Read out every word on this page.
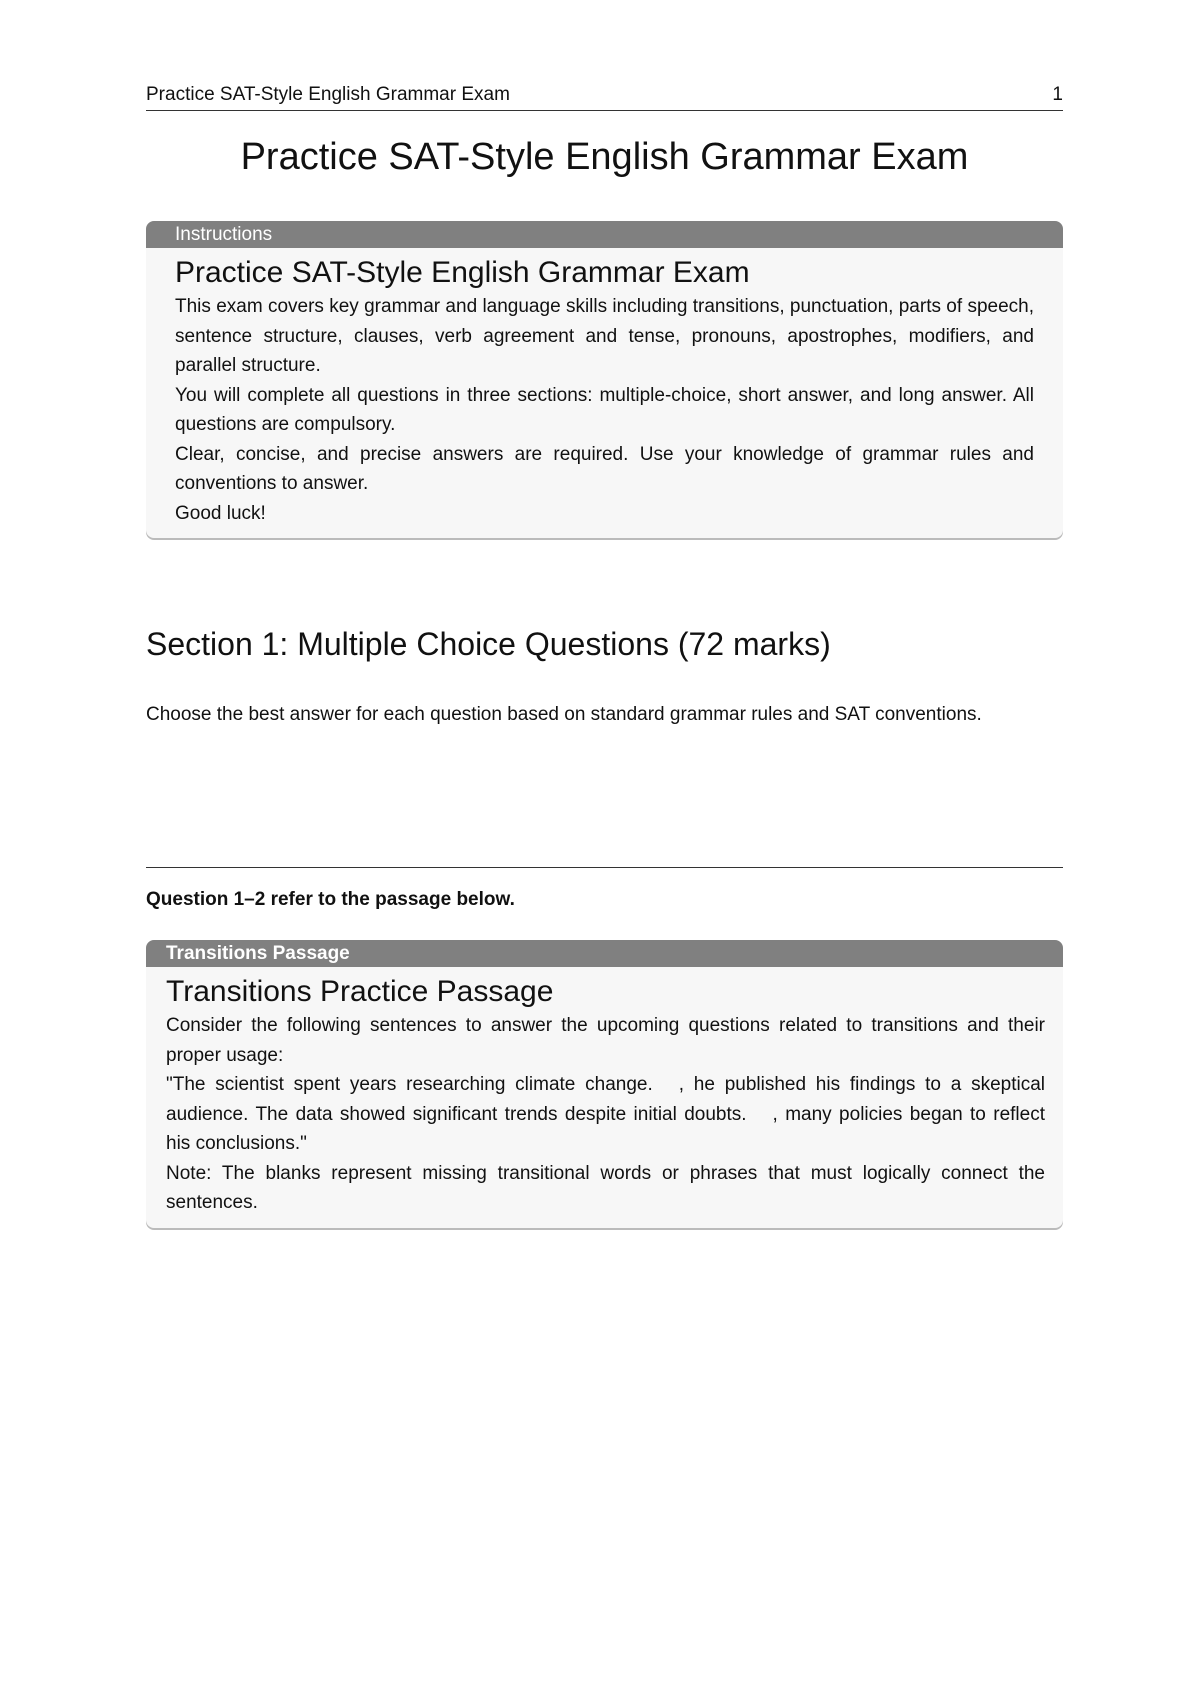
Practice SAT-Style English Grammar Exam	1
Practice SAT-Style English Grammar Exam
Instructions
Practice SAT-Style English Grammar Exam

This exam covers key grammar and language skills including transitions, punctuation, parts of speech, sentence structure, clauses, verb agreement and tense, pronouns, apostrophes, modifiers, and parallel structure.

You will complete all questions in three sections: multiple-choice, short answer, and long answer. All questions are compulsory.

Clear, concise, and precise answers are required. Use your knowledge of grammar rules and conventions to answer.

Good luck!

Section 1: Multiple Choice Questions (72 marks)
Choose the best answer for each question based on standard grammar rules and SAT conventions.
Question 1–2 refer to the passage below.
Transitions Passage
Transitions Practice Passage

Consider the following sentences to answer the upcoming questions related to transitions and their proper usage:

"The scientist spent years researching climate change. , he published his findings to a skeptical audience. The data showed significant trends despite initial doubts. , many policies began to reflect his conclusions."

Note: The blanks represent missing transitional words or phrases that must logically connect the sentences.
